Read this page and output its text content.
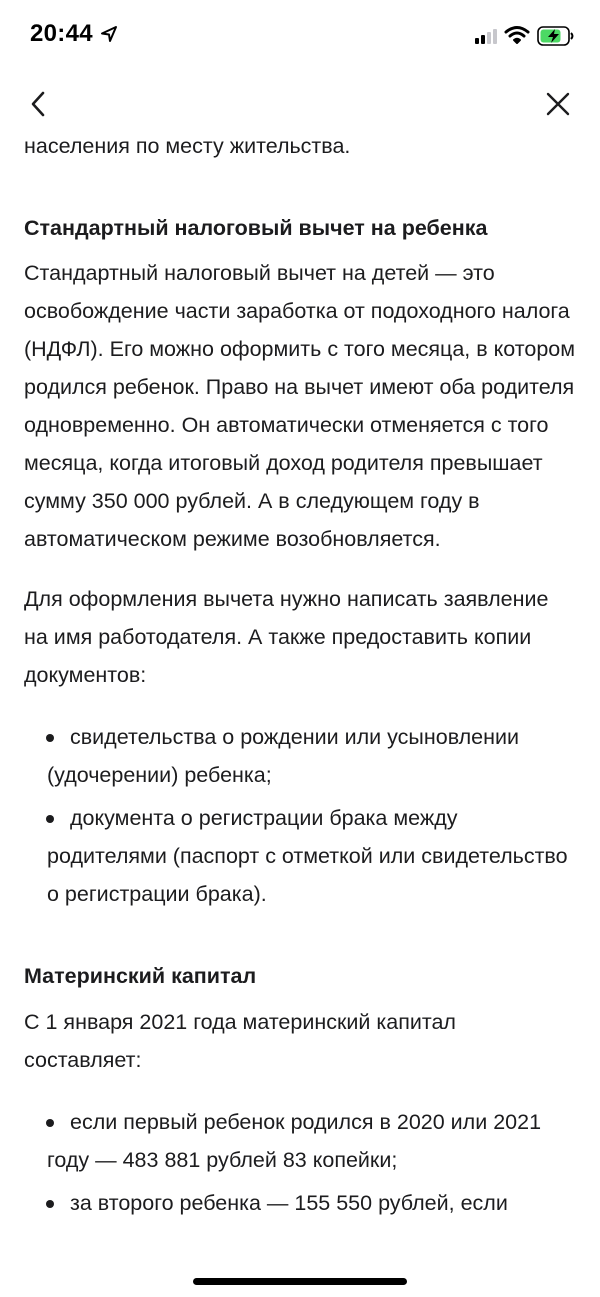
20:44

населения по месту жительства.

Стандартный налоговый вычет на ребенка

Стандартный налоговый вычет на детей — это освобождение части заработка от подоходного налога (НДФЛ). Его можно оформить с того месяца, в котором родился ребенок. Право на вычет имеют оба родителя одновременно. Он автоматически отменяется с того месяца, когда итоговый доход родителя превышает сумму 350 000 рублей. А в следующем году в автоматическом режиме возобновляется.

Для оформления вычета нужно написать заявление на имя работодателя. А также предоставить копии документов:

свидетельства о рождении или усыновлении (удочерении) ребенка;
документа о регистрации брака между родителями (паспорт с отметкой или свидетельство о регистрации брака).
Материнский капитал

С 1 января 2021 года материнский капитал составляет:

если первый ребенок родился в 2020 или 2021 году — 483 881 рублей 83 копейки;
за второго ребенка — 155 550 рублей, если
